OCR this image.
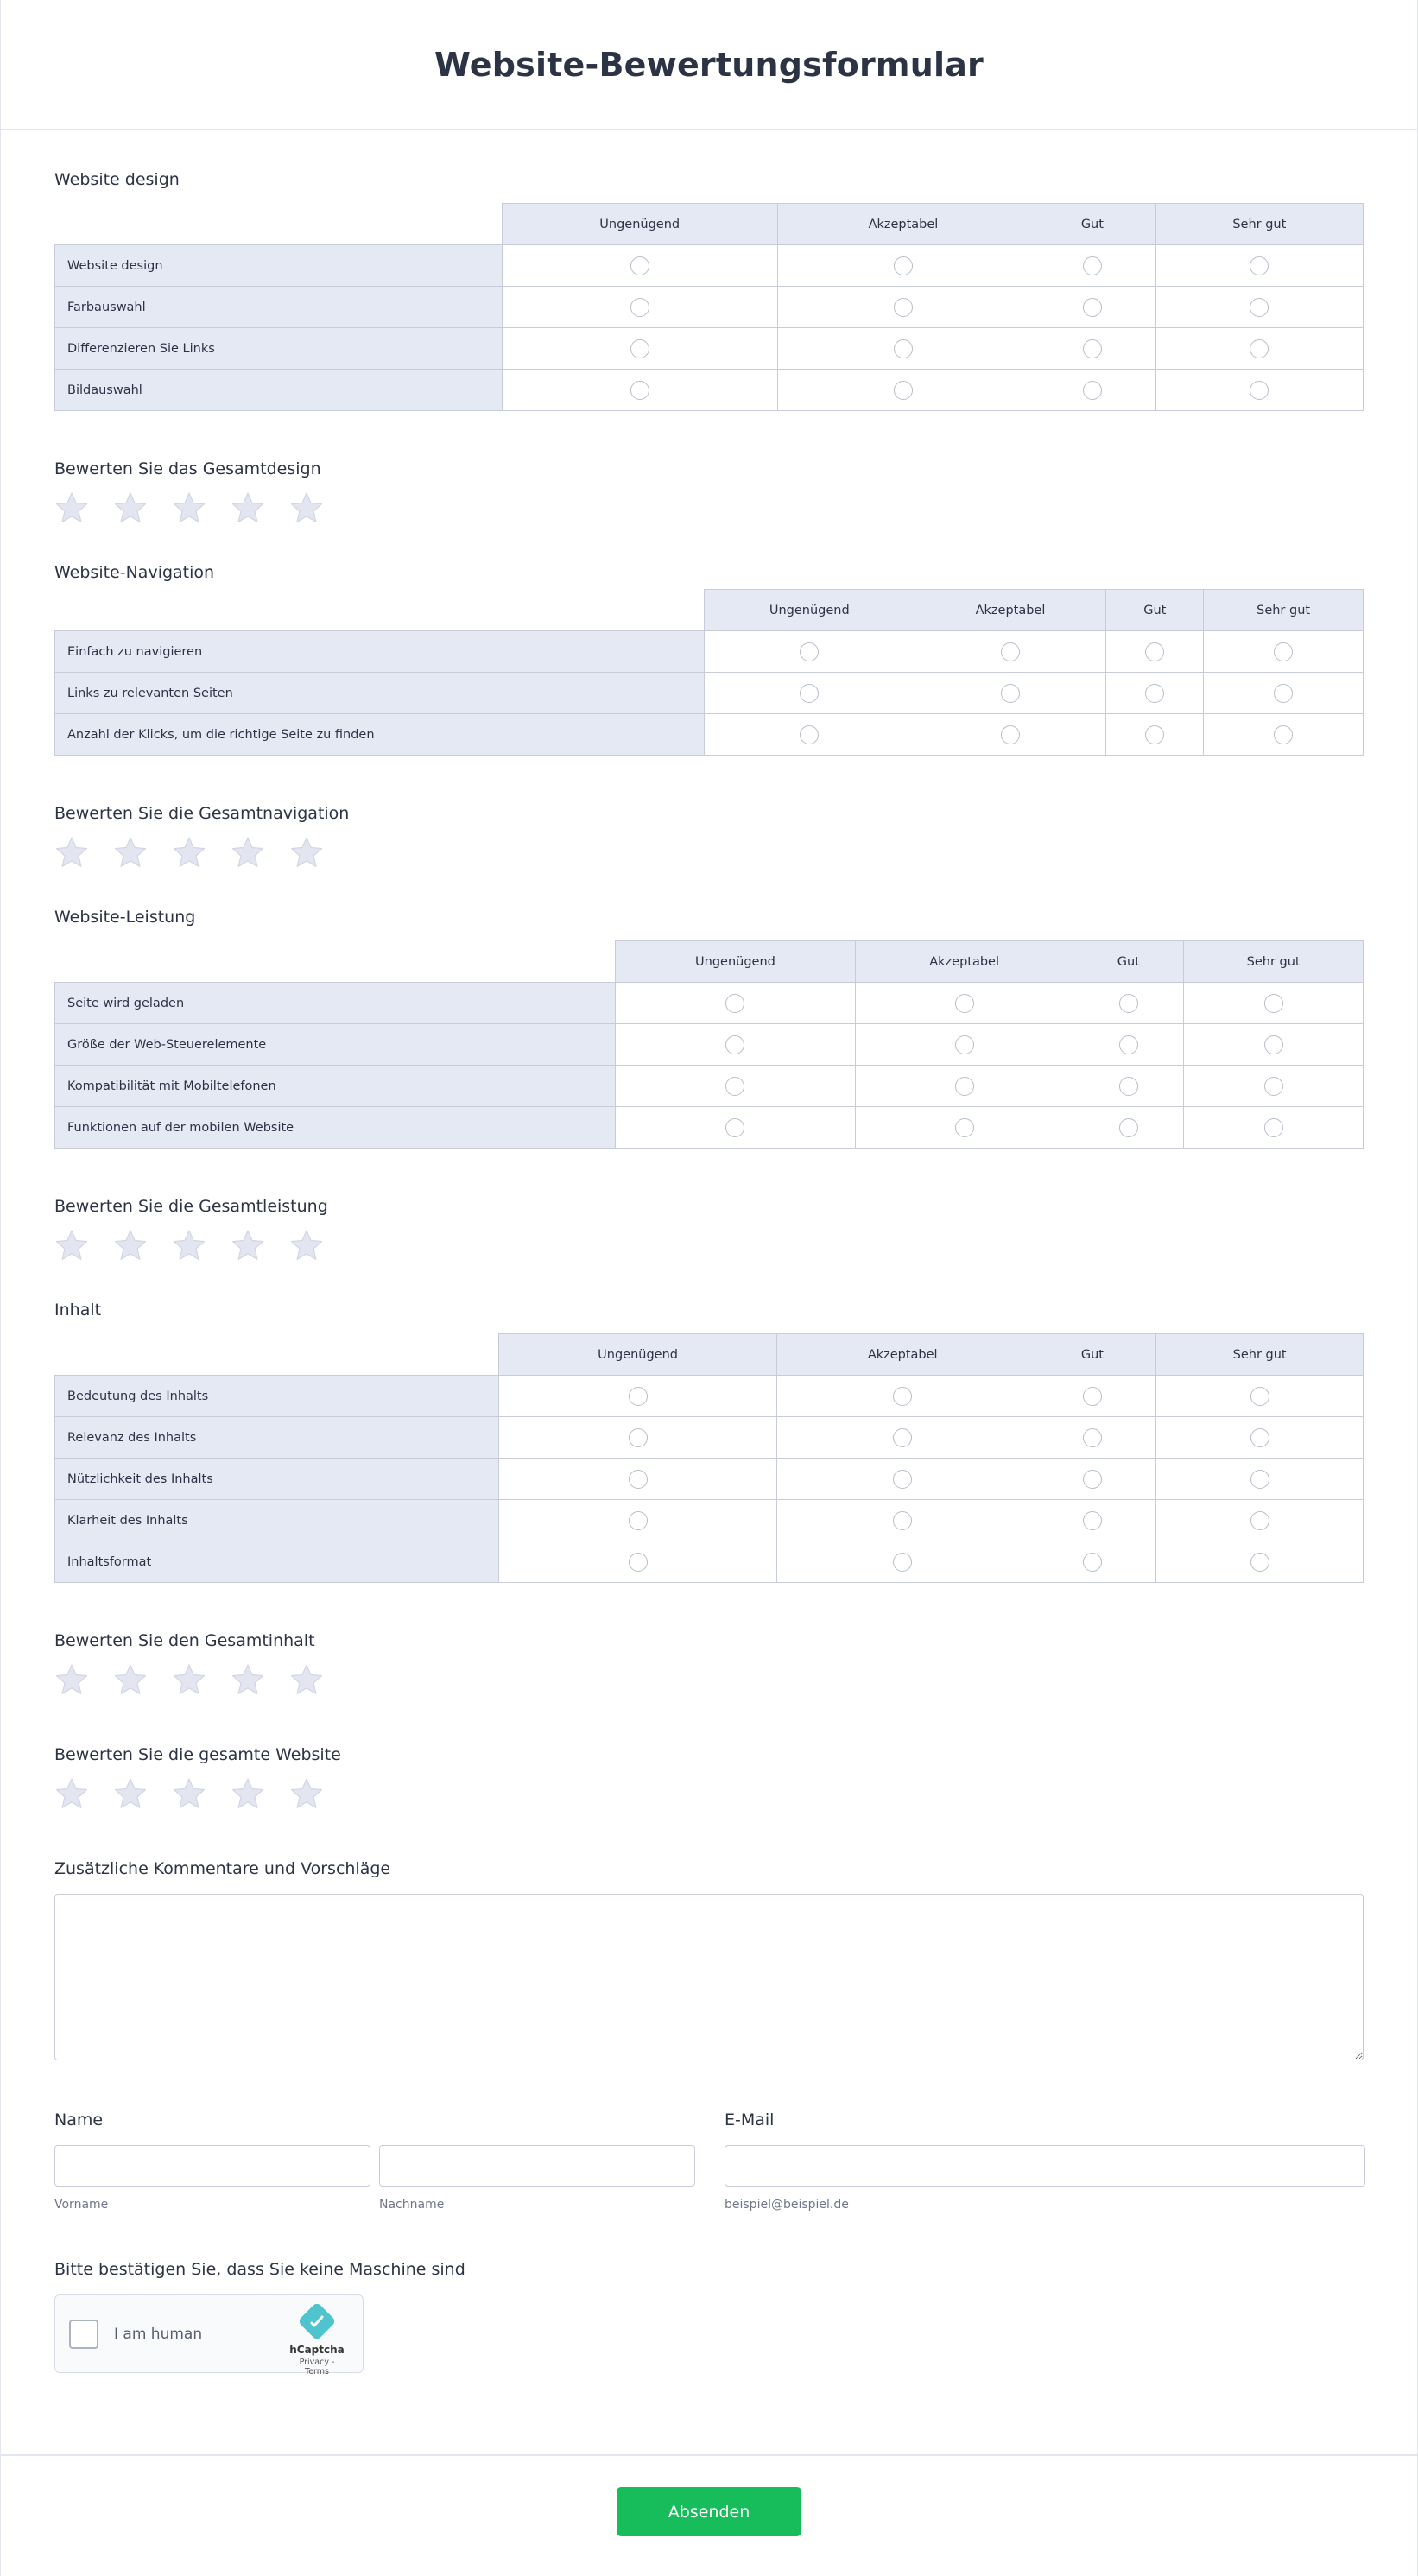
Website-Bewertungsformular
Website design
	Ungenügend	Akzeptabel	Gut	Sehr gut
Website design				
Farbauswahl				
Differenzieren Sie Links				
Bildauswahl				
Bewerten Sie das Gesamtdesign
Website-Navigation
	Ungenügend	Akzeptabel	Gut	Sehr gut
Einfach zu navigieren				
Links zu relevanten Seiten				
Anzahl der Klicks, um die richtige Seite zu finden				
Bewerten Sie die Gesamtnavigation
Website-Leistung
	Ungenügend	Akzeptabel	Gut	Sehr gut
Seite wird geladen				
Größe der Web-Steuerelemente				
Kompatibilität mit Mobiltelefonen				
Funktionen auf der mobilen Website				
Bewerten Sie die Gesamtleistung
Inhalt
	Ungenügend	Akzeptabel	Gut	Sehr gut
Bedeutung des Inhalts				
Relevanz des Inhalts				
Nützlichkeit des Inhalts				
Klarheit des Inhalts				
Inhaltsformat				
Bewerten Sie den Gesamtinhalt
Bewerten Sie die gesamte Website
Zusätzliche Kommentare und Vorschläge
Name
Vorname	Nachname
E-Mail
beispiel@beispiel.de
Bitte bestätigen Sie, dass Sie keine Maschine sind
I am human
hCaptcha
Privacy - Terms
Absenden
